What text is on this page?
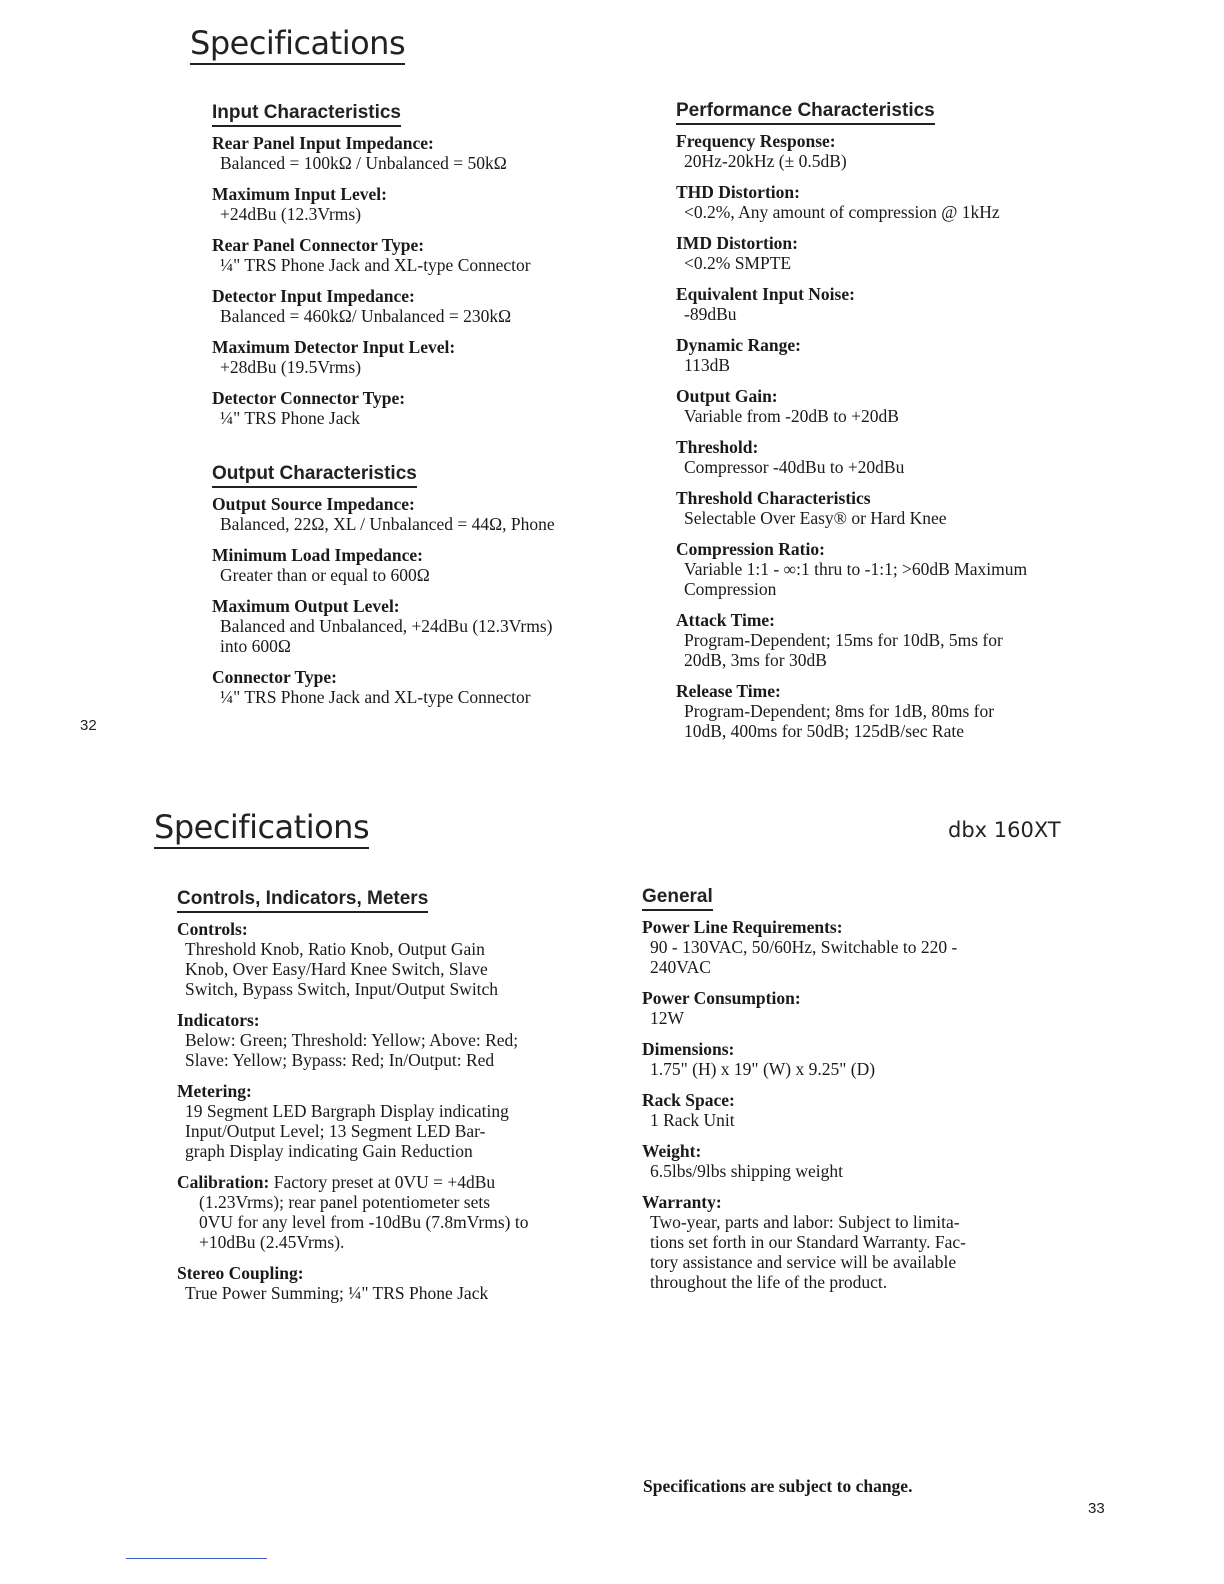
Specifications
Input Characteristics
Rear Panel Input Impedance:
Balanced = 100kΩ / Unbalanced = 50kΩ
Maximum Input Level:
+24dBu (12.3Vrms)
Rear Panel Connector Type:
¼" TRS Phone Jack and XL-type Connector
Detector Input Impedance:
Balanced = 460kΩ/ Unbalanced = 230kΩ
Maximum Detector Input Level:
+28dBu (19.5Vrms)
Detector Connector Type:
¼" TRS Phone Jack
Output Characteristics
Output Source Impedance:
Balanced, 22Ω, XL / Unbalanced = 44Ω, Phone
Minimum Load Impedance:
Greater than or equal to 600Ω
Maximum Output Level:
Balanced and Unbalanced, +24dBu (12.3Vrms)
into 600Ω
Connector Type:
¼" TRS Phone Jack and XL-type Connector
Performance Characteristics
Frequency Response:
20Hz-20kHz (± 0.5dB)
THD Distortion:
<0.2%, Any amount of compression @ 1kHz
IMD Distortion:
<0.2% SMPTE
Equivalent Input Noise:
-89dBu
Dynamic Range:
113dB
Output Gain:
Variable from -20dB to +20dB
Threshold:
Compressor -40dBu to +20dBu
Threshold Characteristics
Selectable Over Easy® or Hard Knee
Compression Ratio:
Variable 1:1 - ∞:1 thru to -1:1; >60dB Maximum
Compression
Attack Time:
Program-Dependent; 15ms for 10dB, 5ms for
20dB, 3ms for 30dB
Release Time:
Program-Dependent; 8ms for 1dB, 80ms for
10dB, 400ms for 50dB; 125dB/sec Rate
32
Specifications	dbx 160XT
Controls, Indicators, Meters
Controls:
Threshold Knob, Ratio Knob, Output Gain
Knob, Over Easy/Hard Knee Switch, Slave
Switch, Bypass Switch, Input/Output Switch
Indicators:
Below: Green; Threshold: Yellow; Above: Red;
Slave: Yellow; Bypass: Red; In/Output: Red
Metering:
19 Segment LED Bargraph Display indicating
Input/Output Level; 13 Segment LED Bar-
graph Display indicating Gain Reduction
Calibration: Factory preset at 0VU = +4dBu
(1.23Vrms); rear panel potentiometer sets
0VU for any level from -10dBu (7.8mVrms) to
+10dBu (2.45Vrms).
Stereo Coupling:
True Power Summing; ¼" TRS Phone Jack
General
Power Line Requirements:
90 - 130VAC, 50/60Hz, Switchable to 220 -
240VAC
Power Consumption:
12W
Dimensions:
1.75" (H) x 19" (W) x 9.25" (D)
Rack Space:
1 Rack Unit
Weight:
6.5lbs/9lbs shipping weight
Warranty:
Two-year, parts and labor: Subject to limita-
tions set forth in our Standard Warranty. Fac-
tory assistance and service will be available
throughout the life of the product.
Specifications are subject to change.
33
